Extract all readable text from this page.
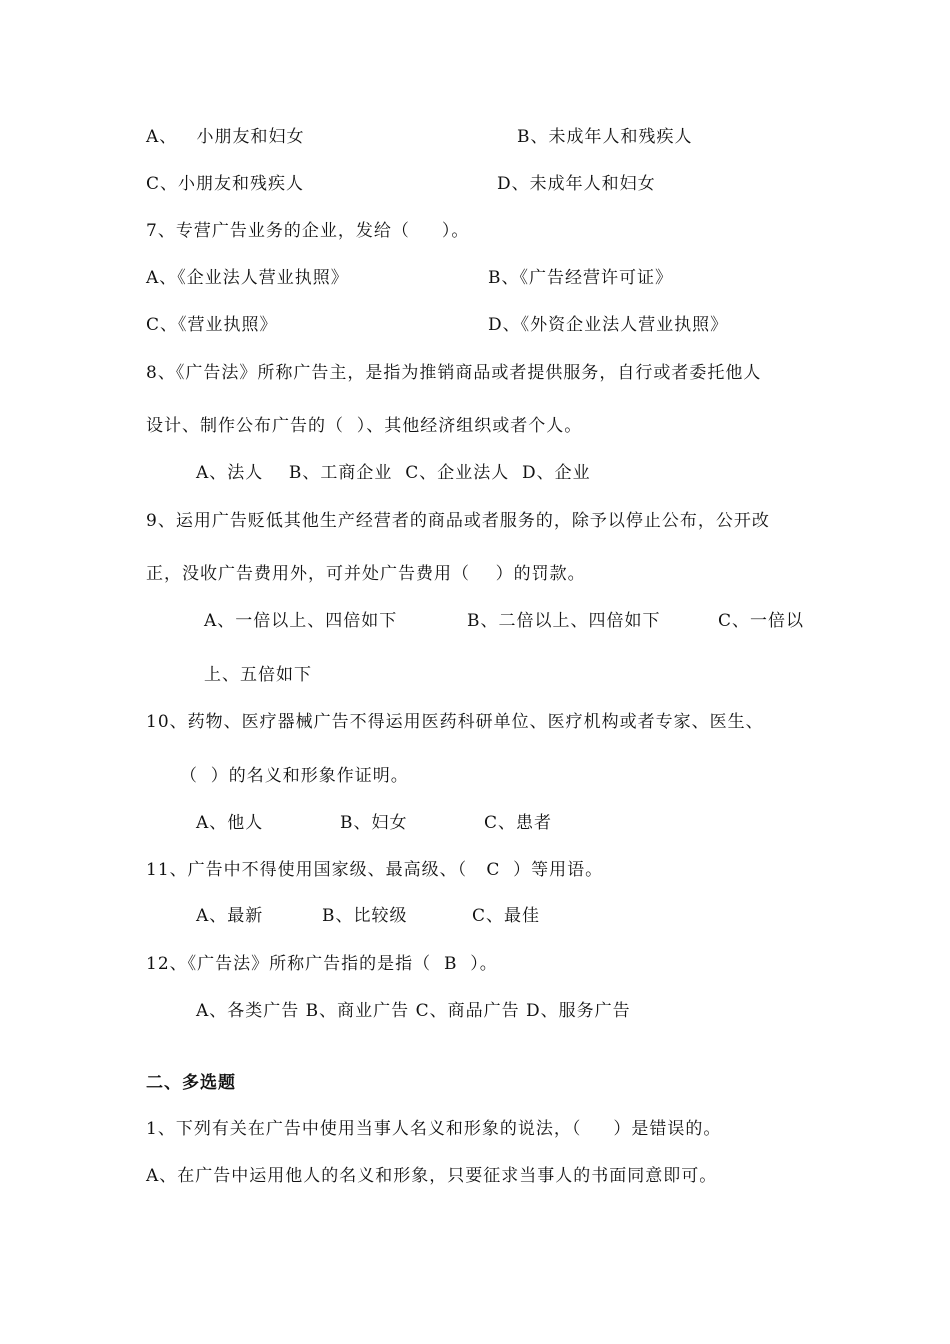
A、   小朋友和妇女	B、未成年人和残疾人
C、小朋友和残疾人	D、未成年人和妇女
7、专营广告业务的企业，发给（     ）。
A、《企业法人营业执照》	B、《广告经营许可证》
C、《营业执照》	D、《外资企业法人营业执照》
8、《广告法》所称广告主，是指为推销商品或者提供服务，自行或者委托他人
设计、制作公布广告的（  ）、其他经济组织或者个人。
A、法人    B、工商企业  C、企业法人  D、企业
9、运用广告贬低其他生产经营者的商品或者服务的，除予以停止公布，公开改
正，没收广告费用外，可并处广告费用（    ）的罚款。
A、一倍以上、四倍如下	B、二倍以上、四倍如下	C、一倍以
上、五倍如下
10、药物、医疗器械广告不得运用医药科研单位、医疗机构或者专家、医生、
（  ）的名义和形象作证明。
A、他人	B、妇女	C、患者
11、广告中不得使用国家级、最高级、（   C  ）等用语。
A、最新	B、比较级	C、最佳
12、《广告法》所称广告指的是指（  B  ）。
A、各类广告 B、商业广告 C、商品广告 D、服务广告
二、多选题
1、下列有关在广告中使用当事人名义和形象的说法，（     ）是错误的。
A、在广告中运用他人的名义和形象，只要征求当事人的书面同意即可。
